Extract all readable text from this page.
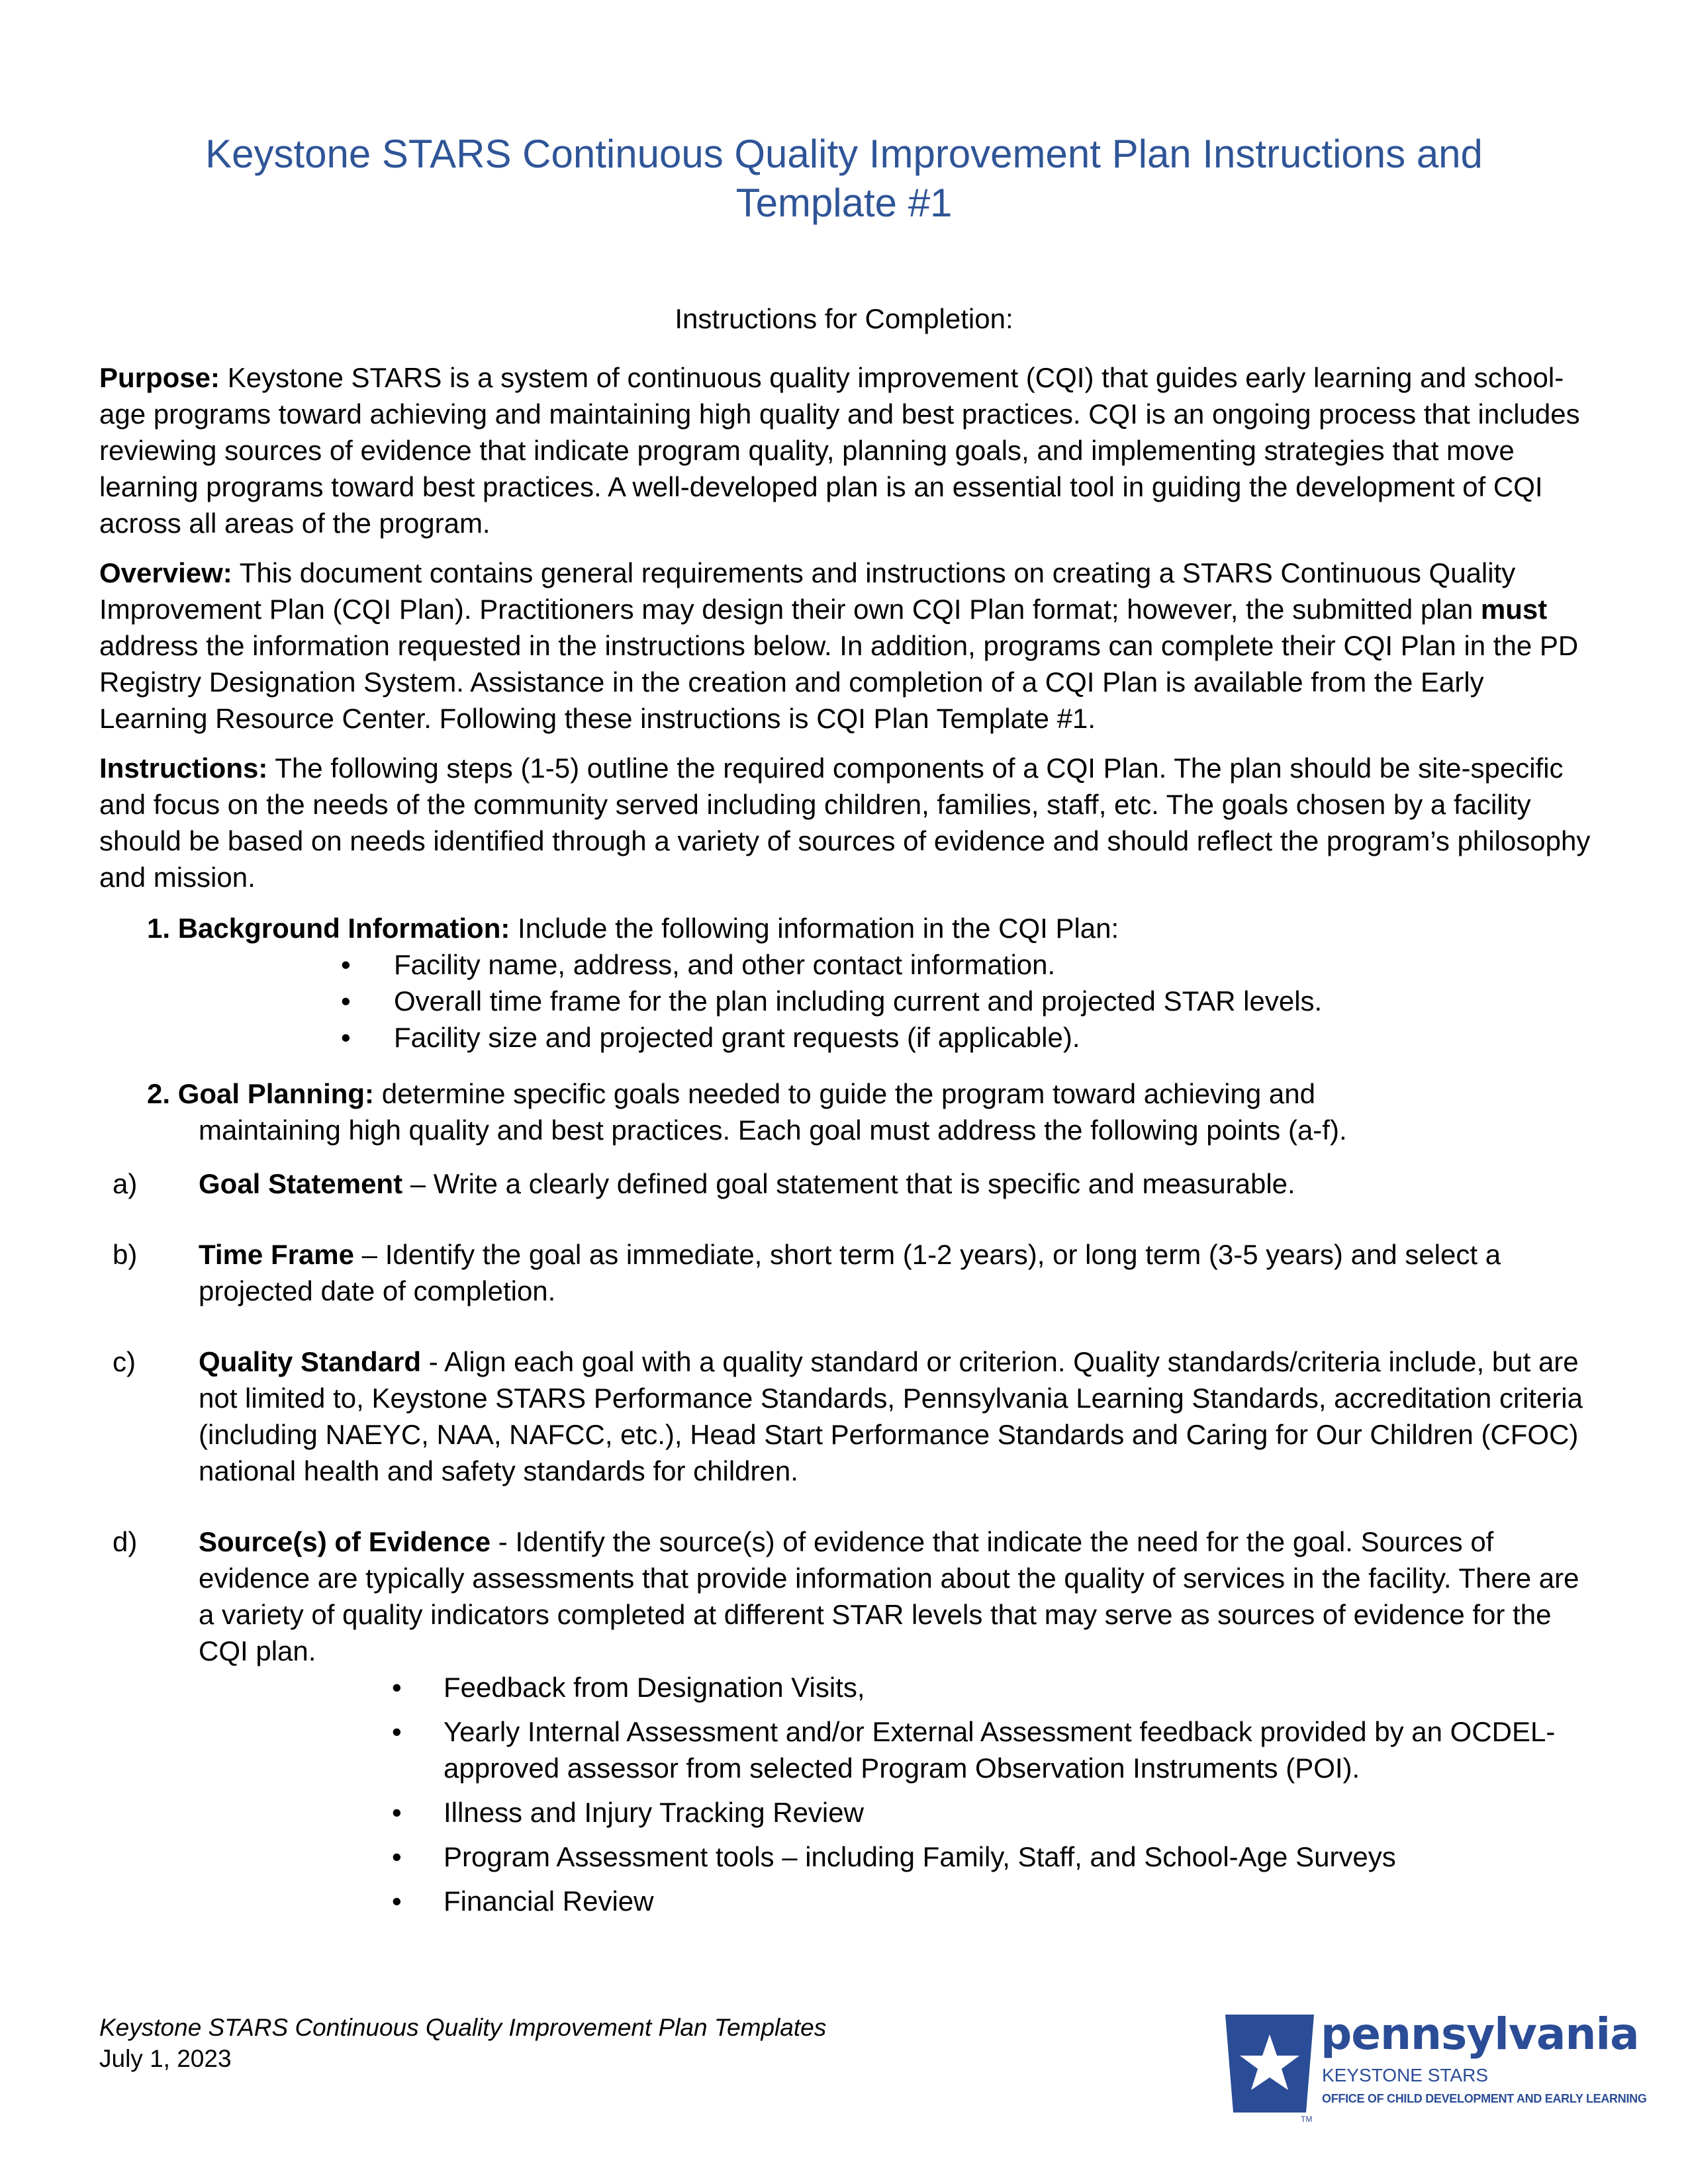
Keystone STARS Continuous Quality Improvement Plan Instructions and
Template #1

Instructions for Completion:

Purpose: Keystone STARS is a system of continuous quality improvement (CQI) that guides early learning and school-age programs toward achieving and maintaining high quality and best practices. CQI is an ongoing process that includes reviewing sources of evidence that indicate program quality, planning goals, and implementing strategies that move learning programs toward best practices. A well-developed plan is an essential tool in guiding the development of CQI across all areas of the program.

Overview: This document contains general requirements and instructions on creating a STARS Continuous Quality Improvement Plan (CQI Plan). Practitioners may design their own CQI Plan format; however, the submitted plan must address the information requested in the instructions below. In addition, programs can complete their CQI Plan in the PD Registry Designation System. Assistance in the creation and completion of a CQI Plan is available from the Early Learning Resource Center. Following these instructions is CQI Plan Template #1.

Instructions: The following steps (1-5) outline the required components of a CQI Plan. The plan should be site-specific and focus on the needs of the community served including children, families, staff, etc. The goals chosen by a facility should be based on needs identified through a variety of sources of evidence and should reflect the program’s philosophy and mission.

1. Background Information: Include the following information in the CQI Plan:
• Facility name, address, and other contact information.
• Overall time frame for the plan including current and projected STAR levels.
• Facility size and projected grant requests (if applicable).
2. Goal Planning: determine specific goals needed to guide the program toward achieving and
maintaining high quality and best practices. Each goal must address the following points (a-f).
a) Goal Statement – Write a clearly defined goal statement that is specific and measurable.
b) Time Frame – Identify the goal as immediate, short term (1-2 years), or long term (3-5 years) and select a projected date of completion.
c) Quality Standard - Align each goal with a quality standard or criterion. Quality standards/criteria include, but are not limited to, Keystone STARS Performance Standards, Pennsylvania Learning Standards, accreditation criteria (including NAEYC, NAA, NAFCC, etc.), Head Start Performance Standards and Caring for Our Children (CFOC) national health and safety standards for children.
d) Source(s) of Evidence - Identify the source(s) of evidence that indicate the need for the goal. Sources of evidence are typically assessments that provide information about the quality of services in the facility. There are a variety of quality indicators completed at different STAR levels that may serve as sources of evidence for the CQI plan.
• Feedback from Designation Visits,
• Yearly Internal Assessment and/or External Assessment feedback provided by an OCDEL-approved assessor from selected Program Observation Instruments (POI).
• Illness and Injury Tracking Review
• Program Assessment tools – including Family, Staff, and School-Age Surveys
• Financial Review
Keystone STARS Continuous Quality Improvement Plan Templates
July 1, 2023
TM
pennsylvania
KEYSTONE STARS
OFFICE OF CHILD DEVELOPMENT AND EARLY LEARNING
